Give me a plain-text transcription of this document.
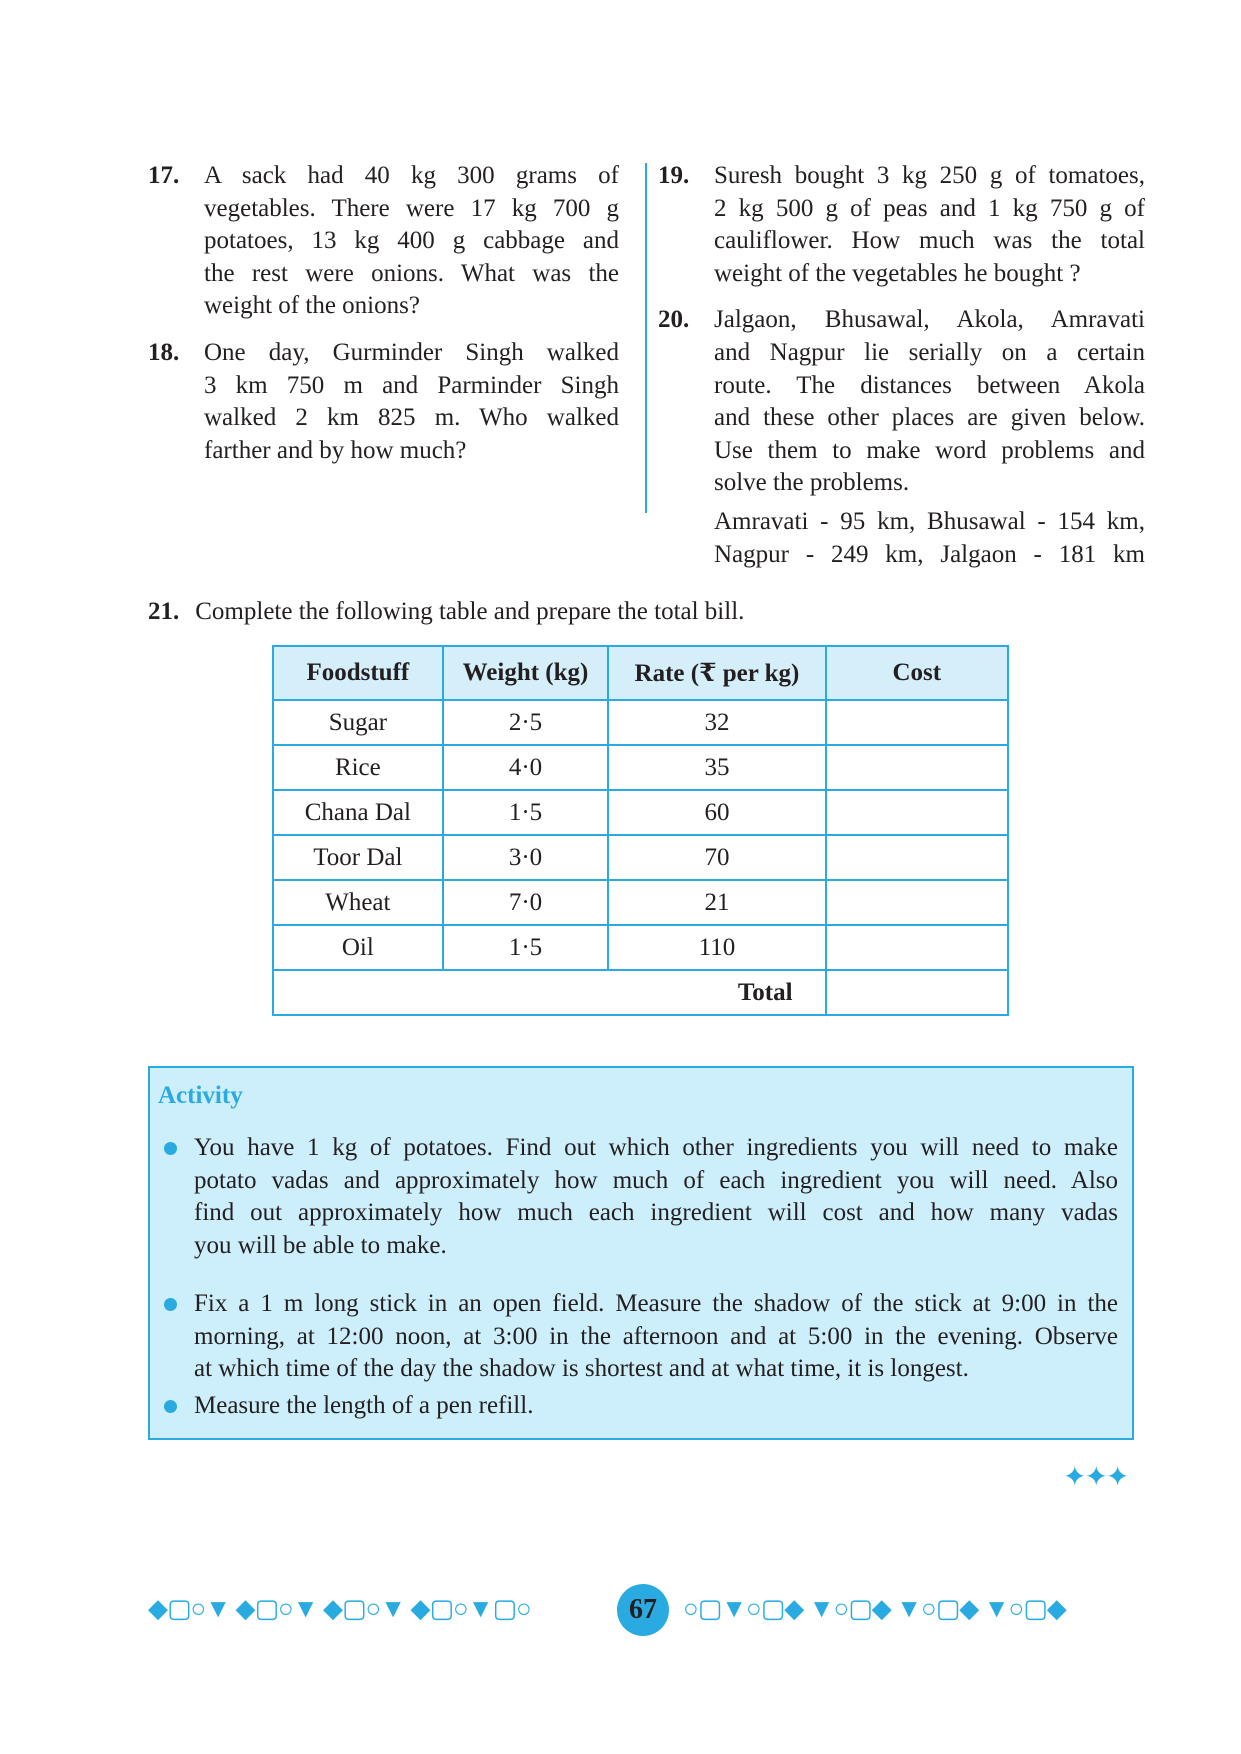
17. A sack had 40 kg 300 grams of
vegetables. There were 17 kg 700 g
potatoes, 13 kg 400 g cabbage and
the rest were onions. What was the
weight of the onions?
18. One day, Gurminder Singh walked
3 km 750 m and Parminder Singh
walked 2 km 825 m. Who walked
farther and by how much?
19. Suresh bought 3 kg 250 g of tomatoes,
2 kg 500 g of peas and 1 kg 750 g of
cauliflower. How much was the total
weight of the vegetables he bought ?
20. Jalgaon, Bhusawal, Akola, Amravati
and Nagpur lie serially on a certain
route. The distances between Akola
and these other places are given below.
Use them to make word problems and
solve the problems.
Amravati - 95 km, Bhusawal - 154 km,
Nagpur - 249 km, Jalgaon - 181 km
21. Complete the following table and prepare the total bill.
Foodstuff	Weight (kg)	Rate (₹ per kg)	Cost
Sugar	2·5	32	
Rice	4·0	35	
Chana Dal	1·5	60	
Toor Dal	3·0	70	
Wheat	7·0	21	
Oil	1·5	110	
Total			
Activity
You have 1 kg of potatoes. Find out which other ingredients you will need to make
potato vadas and approximately how much of each ingredient you will need. Also
find out approximately how much each ingredient will cost and how many vadas
you will be able to make.
Fix a 1 m long stick in an open field. Measure the shadow of the stick at 9:00 in the
morning, at 12:00 noon, at 3:00 in the afternoon and at 5:00 in the evening. Observe
at which time of the day the shadow is shortest and at what time, it is longest.
Measure the length of a pen refill.
✦✦✦
◆▢○▼ ◆▢○▼ ◆▢○▼ ◆▢○▼▢○	67	○▢▼○▢◆ ▼○▢◆ ▼○▢◆ ▼○▢◆
